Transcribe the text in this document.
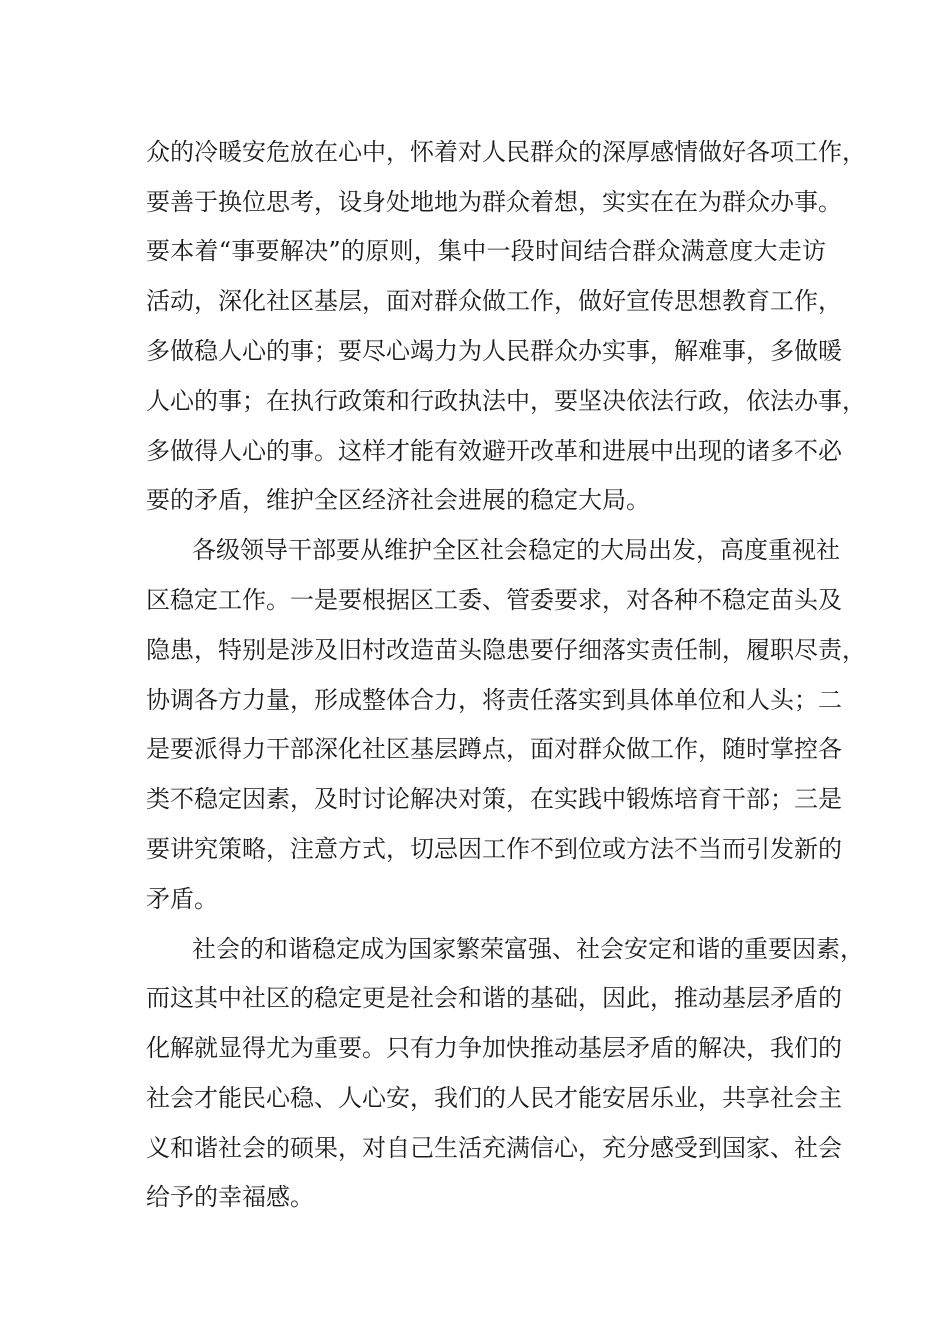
众的冷暖安危放在心中，怀着对人民群众的深厚感情做好各项工作，
要善于换位思考，设身处地地为群众着想，实实在在为群众办事。
要本着“事要解决”的原则，集中一段时间结合群众满意度大走访
活动，深化社区基层，面对群众做工作，做好宣传思想教育工作，
多做稳人心的事；要尽心竭力为人民群众办实事，解难事，多做暖
人心的事；在执行政策和行政执法中，要坚决依法行政，依法办事，
多做得人心的事。这样才能有效避开改革和进展中出现的诸多不必
要的矛盾，维护全区经济社会进展的稳定大局。
各级领导干部要从维护全区社会稳定的大局出发，高度重视社
区稳定工作。一是要根据区工委、管委要求，对各种不稳定苗头及
隐患，特别是涉及旧村改造苗头隐患要仔细落实责任制，履职尽责，
协调各方力量，形成整体合力，将责任落实到具体单位和人头；二
是要派得力干部深化社区基层蹲点，面对群众做工作，随时掌控各
类不稳定因素，及时讨论解决对策，在实践中锻炼培育干部；三是
要讲究策略，注意方式，切忌因工作不到位或方法不当而引发新的
矛盾。
社会的和谐稳定成为国家繁荣富强、社会安定和谐的重要因素，
而这其中社区的稳定更是社会和谐的基础，因此，推动基层矛盾的
化解就显得尤为重要。只有力争加快推动基层矛盾的解决，我们的
社会才能民心稳、人心安，我们的人民才能安居乐业，共享社会主
义和谐社会的硕果，对自己生活充满信心，充分感受到国家、社会
给予的幸福感。
